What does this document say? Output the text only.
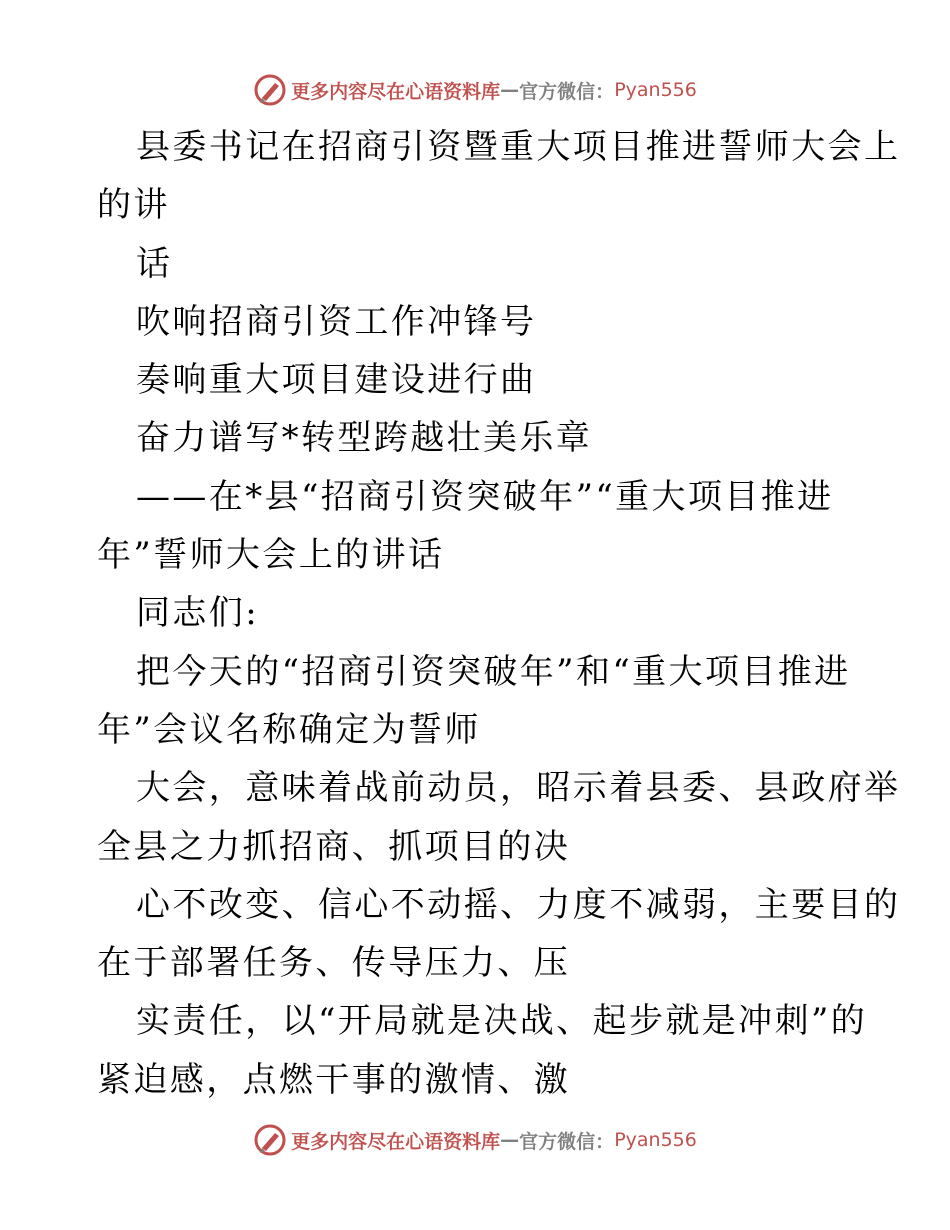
更多内容尽在心语资料库 — 官方微信： Pyan556
县委书记在招商引资暨重大项目推进誓师大会上
的讲
话
吹响招商引资工作冲锋号
奏响重大项目建设进行曲
奋力谱写*转型跨越壮美乐章
——在*县“招商引资突破年”“重大项目推进
年”誓师大会上的讲话
同志们:
把今天的“招商引资突破年”和“重大项目推进
年”会议名称确定为誓师
大会，意味着战前动员，昭示着县委、县政府举
全县之力抓招商、抓项目的决
心不改变、信心不动摇、力度不减弱，主要目的
在于部署任务、传导压力、压
实责任，以“开局就是决战、起步就是冲刺”的
紧迫感，点燃干事的激情、激
更多内容尽在心语资料库 — 官方微信： Pyan556
